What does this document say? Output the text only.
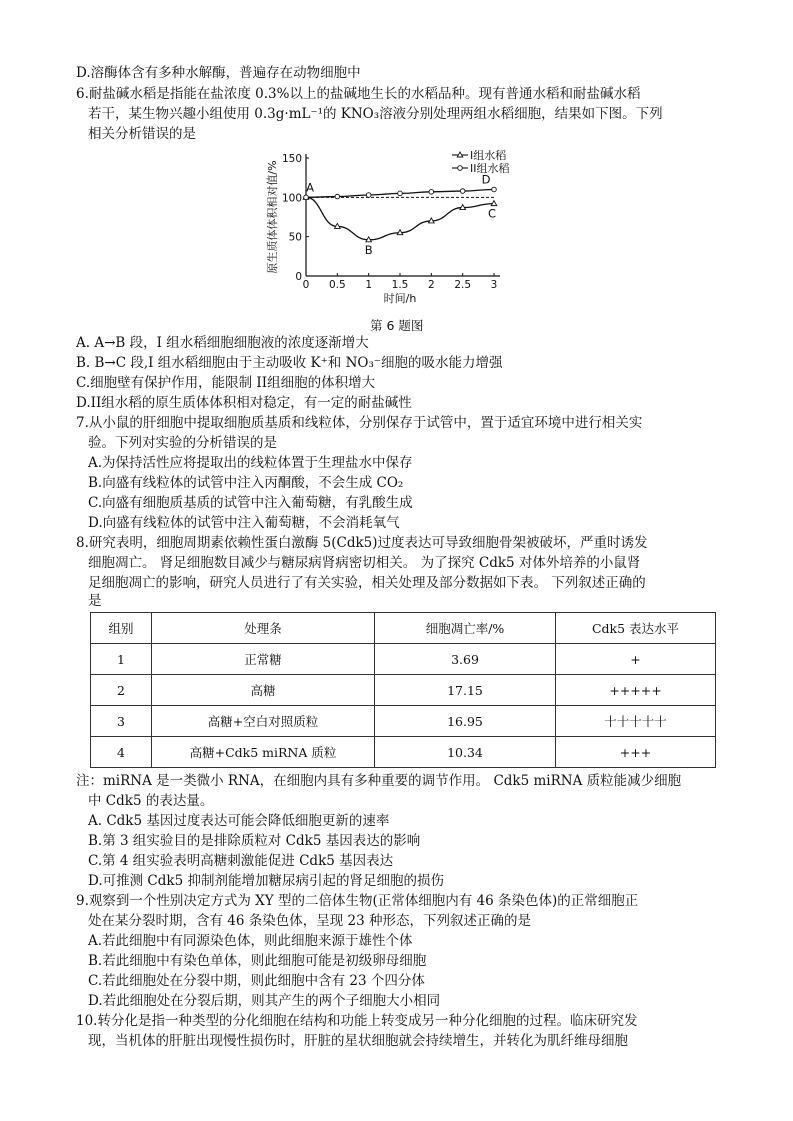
D.溶酶体含有多种水解酶，普遍存在动物细胞中
6.耐盐碱水稻是指能在盐浓度 0.3%以上的盐碱地生长的水稻品种。现有普通水稻和耐盐碱水稻
若干，某生物兴趣小组使用 0.3g·mL⁻¹的 KNO₃溶液分别处理两组水稻细胞，结果如下图。下列
相关分析错误的是
0 0.5 1 1.5 2 2.5 3
0
50
100
150
时间/h
原生质体体积相对值/% A
B
C
D
I组水稻
II组水稻
第 6 题图
A. A→B 段，I 组水稻细胞细胞液的浓度逐渐增大
B. B→C 段,I 组水稻细胞由于主动吸收 K⁺和 NO₃⁻细胞的吸水能力增强
C.细胞壁有保护作用，能限制 II组细胞的体积增大
D.II组水稻的原生质体体积相对稳定，有一定的耐盐碱性
7.从小鼠的肝细胞中提取细胞质基质和线粒体，分别保存于试管中，置于适宜环境中进行相关实
验。下列对实验的分析错误的是
A.为保持活性应将提取出的线粒体置于生理盐水中保存
B.向盛有线粒体的试管中注入丙酮酸，不会生成 CO₂
C.向盛有细胞质基质的试管中注入葡萄糖，有乳酸生成
D.向盛有线粒体的试管中注入葡萄糖，不会消耗氧气
8.研究表明，细胞周期素依赖性蛋白激酶 5(Cdk5)过度表达可导致细胞骨架被破坏，严重时诱发
细胞凋亡。 肾足细胞数目减少与糖尿病肾病密切相关。 为了探究 Cdk5 对体外培养的小鼠肾
足细胞凋亡的影响，研究人员进行了有关实验，相关处理及部分数据如下表。 下列叙述正确的
是
组别	处理条	细胞凋亡率/%	Cdk5 表达水平
1	正常糖	3.69	+
2	高糖	17.15	+++++
3	高糖+空白对照质粒	16.95	十十十十十
4	高糖+Cdk5 miRNA 质粒	10.34	+++
注：miRNA 是一类微小 RNA，在细胞内具有多种重要的调节作用。 Cdk5 miRNA 质粒能减少细胞
中 Cdk5 的表达量。
A. Cdk5 基因过度表达可能会降低细胞更新的速率
B.第 3 组实验目的是排除质粒对 Cdk5 基因表达的影响
C.第 4 组实验表明高糖刺激能促进 Cdk5 基因表达
D.可推测 Cdk5 抑制剂能增加糖尿病引起的肾足细胞的损伤
9.观察到一个性别决定方式为 XY 型的二倍体生物(正常体细胞内有 46 条染色体)的正常细胞正
处在某分裂时期，含有 46 条染色体，呈现 23 种形态，下列叙述正确的是
A.若此细胞中有同源染色体，则此细胞来源于雄性个体
B.若此细胞中有染色单体，则此细胞可能是初级卵母细胞
C.若此细胞处在分裂中期，则此细胞中含有 23 个四分体
D.若此细胞处在分裂后期，则其产生的两个子细胞大小相同
10.转分化是指一种类型的分化细胞在结构和功能上转变成另一种分化细胞的过程。临床研究发
现，当机体的肝脏出现慢性损伤时，肝脏的星状细胞就会持续增生，并转化为肌纤维母细胞
